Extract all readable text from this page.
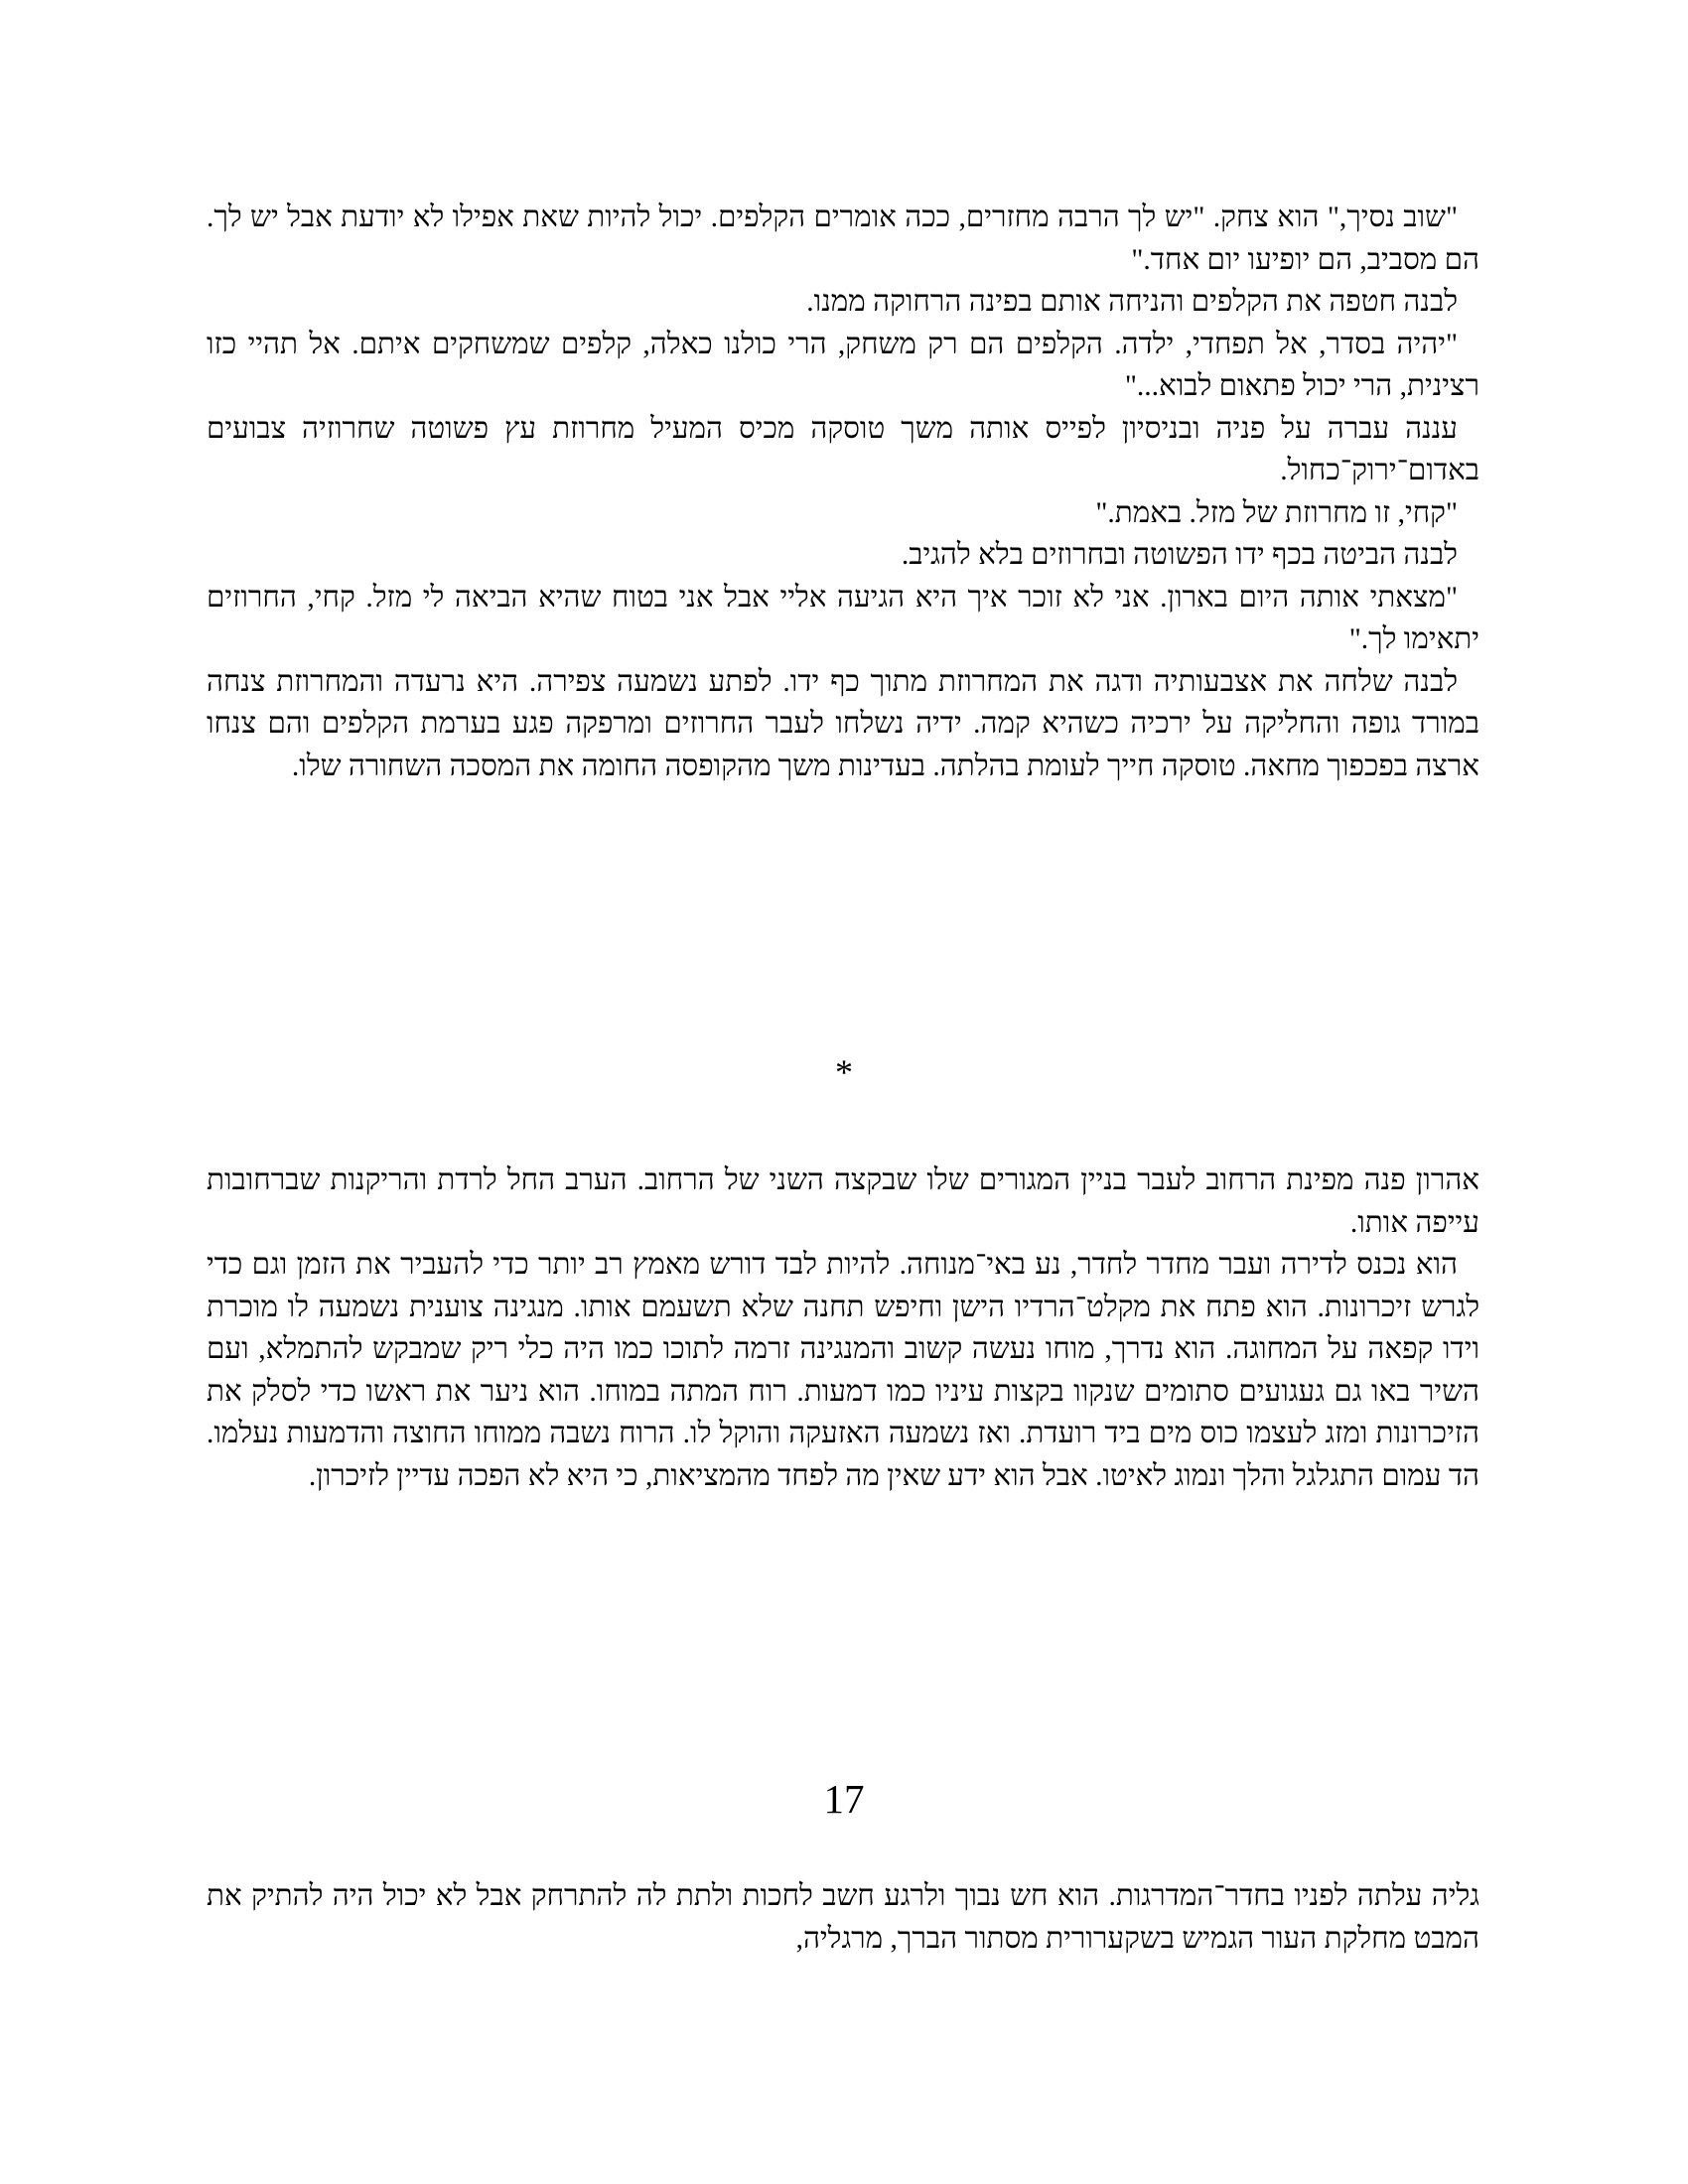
"שוב נסיך," הוא צחק. "יש לך הרבה מחזרים, ככה אומרים הקלפים. יכול להיות שאת אפילו לא יודעת אבל יש לך. הם מסביב, הם יופיעו יום אחד."

לבנה חטפה את הקלפים והניחה אותם בפינה הרחוקה ממנו.

"יהיה בסדר, אל תפחדי, ילדה. הקלפים הם רק משחק, הרי כולנו כאלה, קלפים שמשחקים איתם. אל תהיי כזו רצינית, הרי יכול פתאום לבוא..."

עננה עברה על פניה ובניסיון לפייס אותה משך טוסקה מכיס המעיל מחרוזת עץ פשוטה שחרוזיה צבועים באדום־ירוק־כחול.

"קחי, זו מחרוזת של מזל. באמת."

לבנה הביטה בכף ידו הפשוטה ובחרוזים בלא להגיב.

"מצאתי אותה היום בארון. אני לא זוכר איך היא הגיעה אליי אבל אני בטוח שהיא הביאה לי מזל. קחי, החרוזים יתאימו לך."

לבנה שלחה את אצבעותיה ודגה את המחרוזת מתוך כף ידו. לפתע נשמעה צפירה. היא נרעדה והמחרוזת צנחה במורד גופה והחליקה על ירכיה כשהיא קמה. ידיה נשלחו לעבר החרוזים ומרפקה פגע בערמת הקלפים והם צנחו ארצה בפכפוך מחאה. טוסקה חייך לעומת בהלתה. בעדינות משך מהקופסה החומה את המסכה השחורה שלו.

*

אהרון פנה מפינת הרחוב לעבר בניין המגורים שלו שבקצה השני של הרחוב. הערב החל לרדת והריקנות שברחובות עייפה אותו.

הוא נכנס לדירה ועבר מחדר לחדר, נע באי־מנוחה. להיות לבד דורש מאמץ רב יותר כדי להעביר את הזמן וגם כדי לגרש זיכרונות. הוא פתח את מקלט־הרדיו הישן וחיפש תחנה שלא תשעמם אותו. מנגינה צוענית נשמעה לו מוכרת וידו קפאה על המחוגה. הוא נדרך, מוחו נעשה קשוב והמנגינה זרמה לתוכו כמו היה כלי ריק שמבקש להתמלא, ועם השיר באו גם געגועים סתומים שנקוו בקצות עיניו כמו דמעות. רוח המתה במוחו. הוא ניער את ראשו כדי לסלק את הזיכרונות ומזג לעצמו כוס מים ביד רועדת. ואז נשמעה האזעקה והוקל לו. הרוח נשבה ממוחו החוצה והדמעות נעלמו. הד עמום התגלגל והלך ונמוג לאיטו. אבל הוא ידע שאין מה לפחד מהמציאות, כי היא לא הפכה עדיין לזיכרון.

17

גליה עלתה לפניו בחדר־המדרגות. הוא חש נבוך ולרגע חשב לחכות ולתת לה להתרחק אבל לא יכול היה להתיק את המבט מחלקת העור הגמיש בשקערורית מסתור הברך, מרגליה,
